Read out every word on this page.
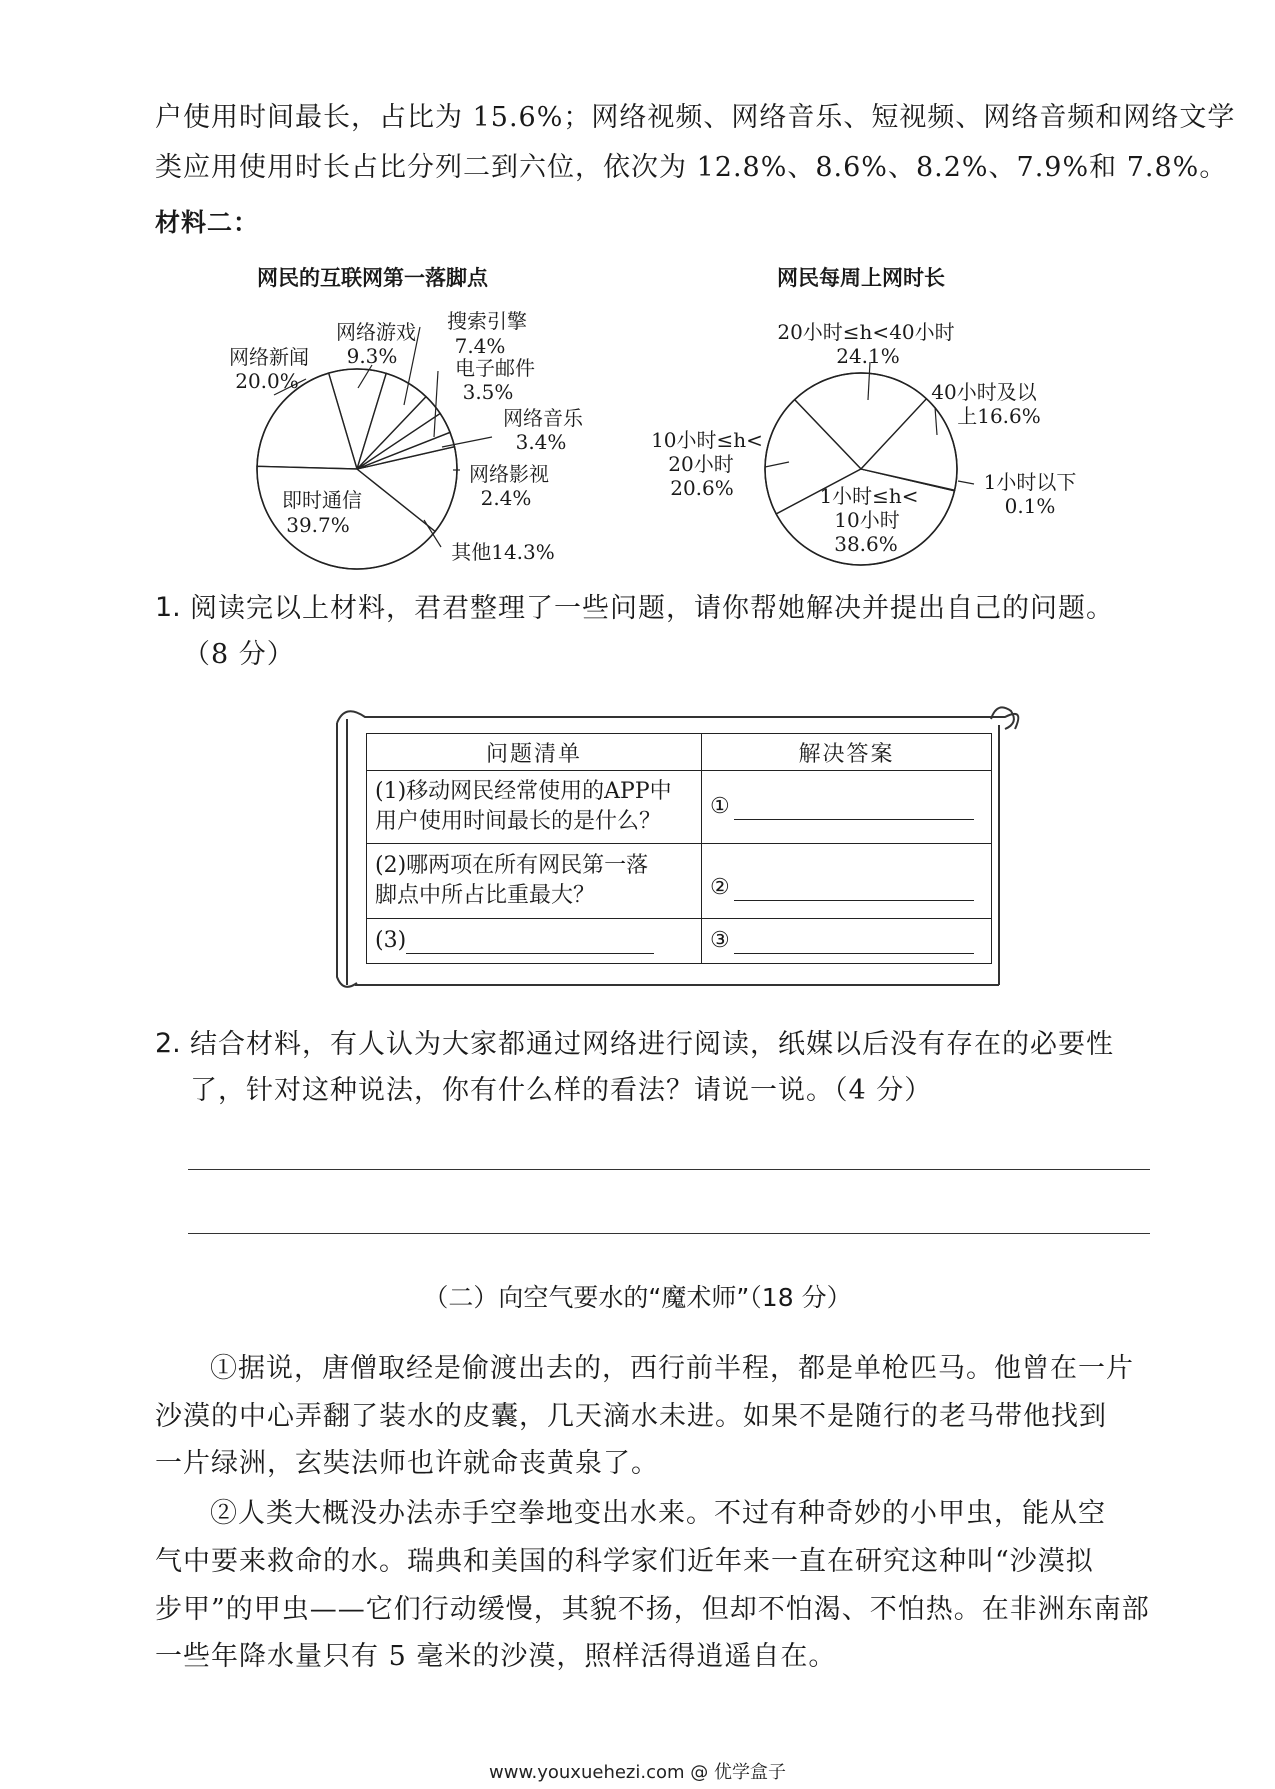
户使用时间最长，占比为 15.6%；网络视频、网络音乐、短视频、网络音频和网络文学
类应用使用时长占比分列二到六位，依次为 12.8%、8.6%、8.2%、7.9%和 7.8%。
材料二：
网民的互联网第一落脚点	网民每周上网时长
网络游戏
9.3%
网络新闻
20.0%
搜索引擎
7.4%
电子邮件
3.5%
网络音乐
3.4%
网络影视
2.4%
即时通信
39.7%
其他14.3%
20小时≤h<40小时
24.1%
40小时及以
上16.6%
10小时≤h<
20小时
20.6%	1小时≤h<
10小时
38.6%
1小时以下
0.1%
1. 阅读完以上材料，君君整理了一些问题，请你帮她解决并提出自己的问题。
（8 分）
问题清单	解决答案

(1)移动网民经常使用的APP中
用户使用时间最长的是什么？	①

(2)哪两项在所有网民第一落
脚点中所占比重最大？	②
(3)	③
2. 结合材料，有人认为大家都通过网络进行阅读，纸媒以后没有存在的必要性
了，针对这种说法，你有什么样的看法？请说一说。（4 分）
（二）向空气要水的“魔术师”（18 分）
①据说，唐僧取经是偷渡出去的，西行前半程，都是单枪匹马。他曾在一片
沙漠的中心弄翻了装水的皮囊，几天滴水未进。如果不是随行的老马带他找到
一片绿洲，玄奘法师也许就命丧黄泉了。
②人类大概没办法赤手空拳地变出水来。不过有种奇妙的小甲虫，能从空
气中要来救命的水。瑞典和美国的科学家们近年来一直在研究这种叫“沙漠拟
步甲”的甲虫——它们行动缓慢，其貌不扬，但却不怕渴、不怕热。在非洲东南部
一些年降水量只有 5 毫米的沙漠，照样活得逍遥自在。
www.youxuehezi.com @ 优学盒子
